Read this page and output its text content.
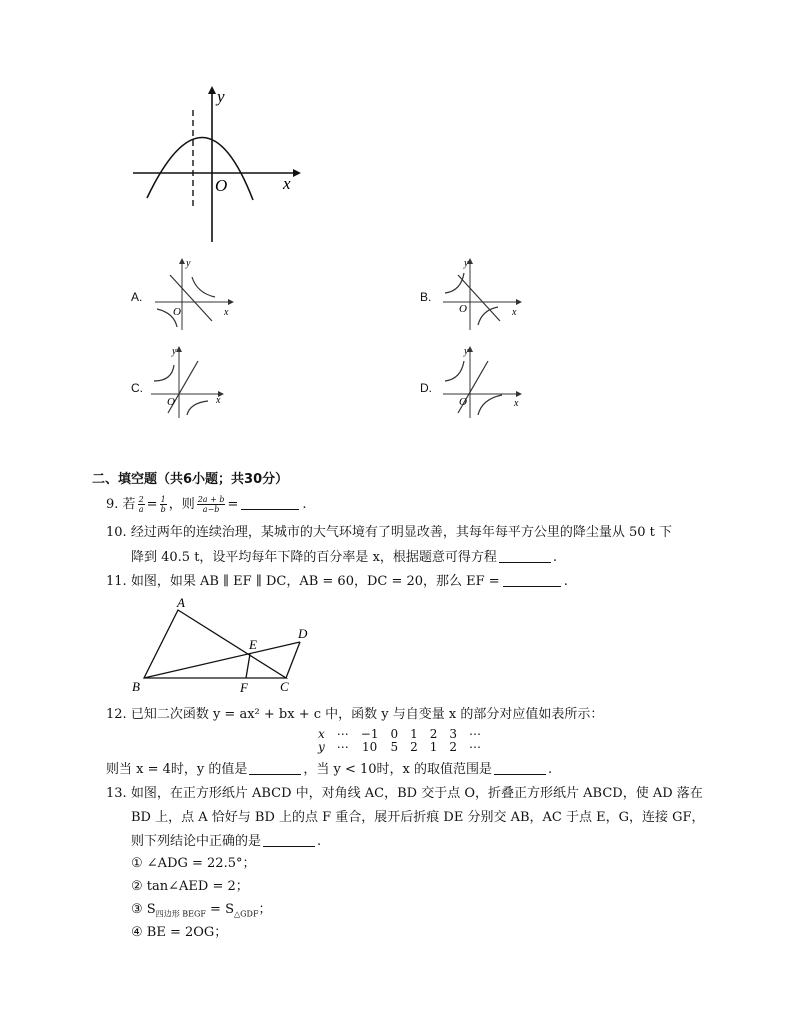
y
x
O
A.
y
x
O
B.
y
x
O
C.
y
x
O
D.
y
x
O
二、填空题（共6小题；共30分）
9. 若 $\frac{2}{a} = \frac{1}{b}$ ，则 $\frac{2a + b}{a-b}$ =	.
10. 经过两年的连续治理，某城市的大气环境有了明显改善，其每年每平方公里的降尘量从 50 t 下
降到 40.5 t，设平均每年下降的百分率是 x，根据题意可得方程	.
11. 如图，如果 AB ∥ EF ∥ DC，AB = 60，DC = 20，那么 EF =	.
A
B	C
D
E
F
12. 已知二次函数 y = ax² + bx + c 中，函数 y 与自变量 x 的部分对应值如表所示：
x	⋯	−1	0	1	2	3	⋯
y	⋯	10	5	2	1	2	⋯
则当 x = 4时，y 的值是	，当 y < 10时，x 的取值范围是	.
13. 如图，在正方形纸片 ABCD 中，对角线 AC，BD 交于点 O，折叠正方形纸片 ABCD，使 AD 落在
BD 上，点 A 恰好与 BD 上的点 F 重合，展开后折痕 DE 分别交 AB，AC 于点 E，G，连接 GF，
则下列结论中正确的是	.
① ∠ADG = 22.5°；
② tan∠AED = 2；
③ $S_{四边形 BEGF} = S_{\triangle GDF}$；
④ BE = 2OG；
